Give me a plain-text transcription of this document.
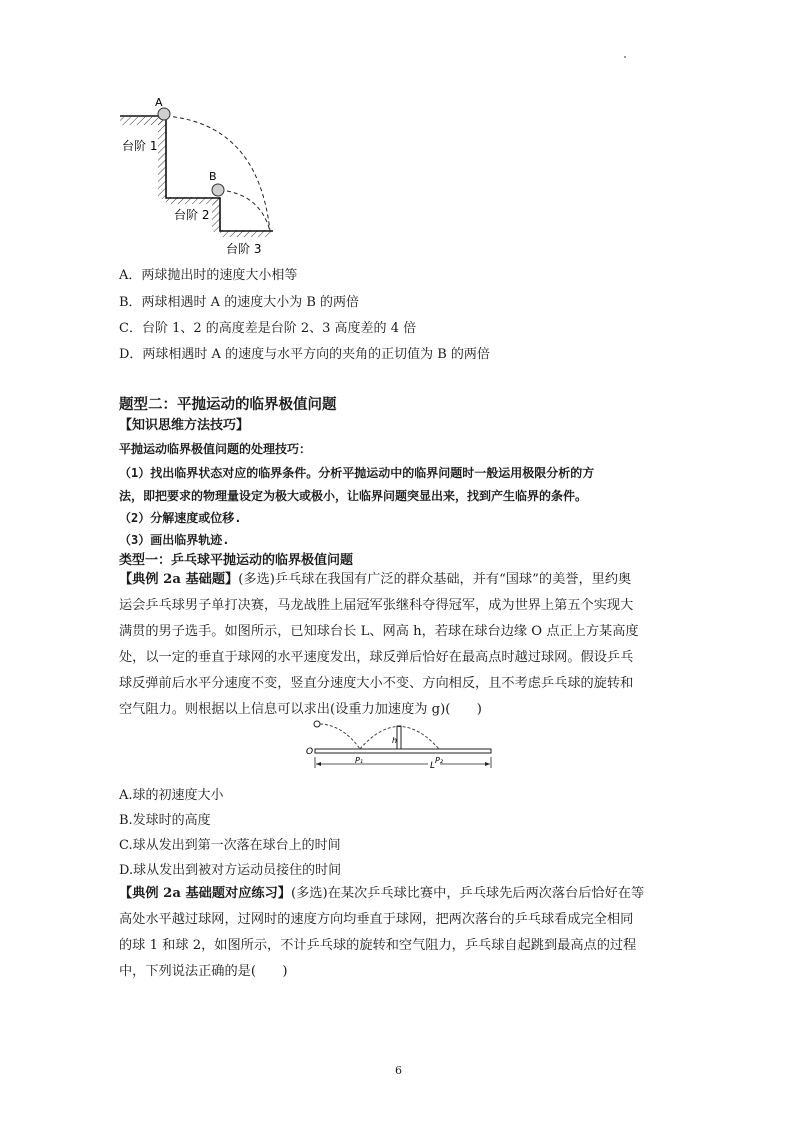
A
B
台阶 1
台阶 2
台阶 3
A．两球抛出时的速度大小相等
B．两球相遇时 A 的速度大小为 B 的两倍
C．台阶 1、2 的高度差是台阶 2、3 高度差的 4 倍
D．两球相遇时 A 的速度与水平方向的夹角的正切值为 B 的两倍
题型二：平抛运动的临界极值问题
【知识思维方法技巧】
平抛运动临界极值问题的处理技巧：
（1）找出临界状态对应的临界条件。分析平抛运动中的临界问题时一般运用极限分析的方
法，即把要求的物理量设定为极大或极小，让临界问题突显出来，找到产生临界的条件。
（2）分解速度或位移.
（3）画出临界轨迹.
类型一：乒乓球平抛运动的临界极值问题
【典例 2a 基础题】(多选)乒乓球在我国有广泛的群众基础，并有“国球”的美誉，里约奥
运会乒乓球男子单打决赛，马龙战胜上届冠军张继科夺得冠军，成为世界上第五个实现大
满贯的男子选手。如图所示，已知球台长 L、网高 h，若球在球台边缘 O 点正上方某高度
处，以一定的垂直于球网的水平速度发出，球反弹后恰好在最高点时越过球网。假设乒乓
球反弹前后水平分速度不变，竖直分速度大小不变、方向相反，且不考虑乒乓球的旋转和
空气阻力。则根据以上信息可以求出(设重力加速度为 g)(　　)
O
h
P₁	P₂
L
A.球的初速度大小
B.发球时的高度
C.球从发出到第一次落在球台上的时间
D.球从发出到被对方运动员接住的时间
【典例 2a 基础题对应练习】(多选)在某次乒乓球比赛中，乒乓球先后两次落台后恰好在等
高处水平越过球网，过网时的速度方向均垂直于球网，把两次落台的乒乓球看成完全相同
的球 1 和球 2，如图所示，不计乒乓球的旋转和空气阻力，乒乓球自起跳到最高点的过程
中，下列说法正确的是(　　)
6
